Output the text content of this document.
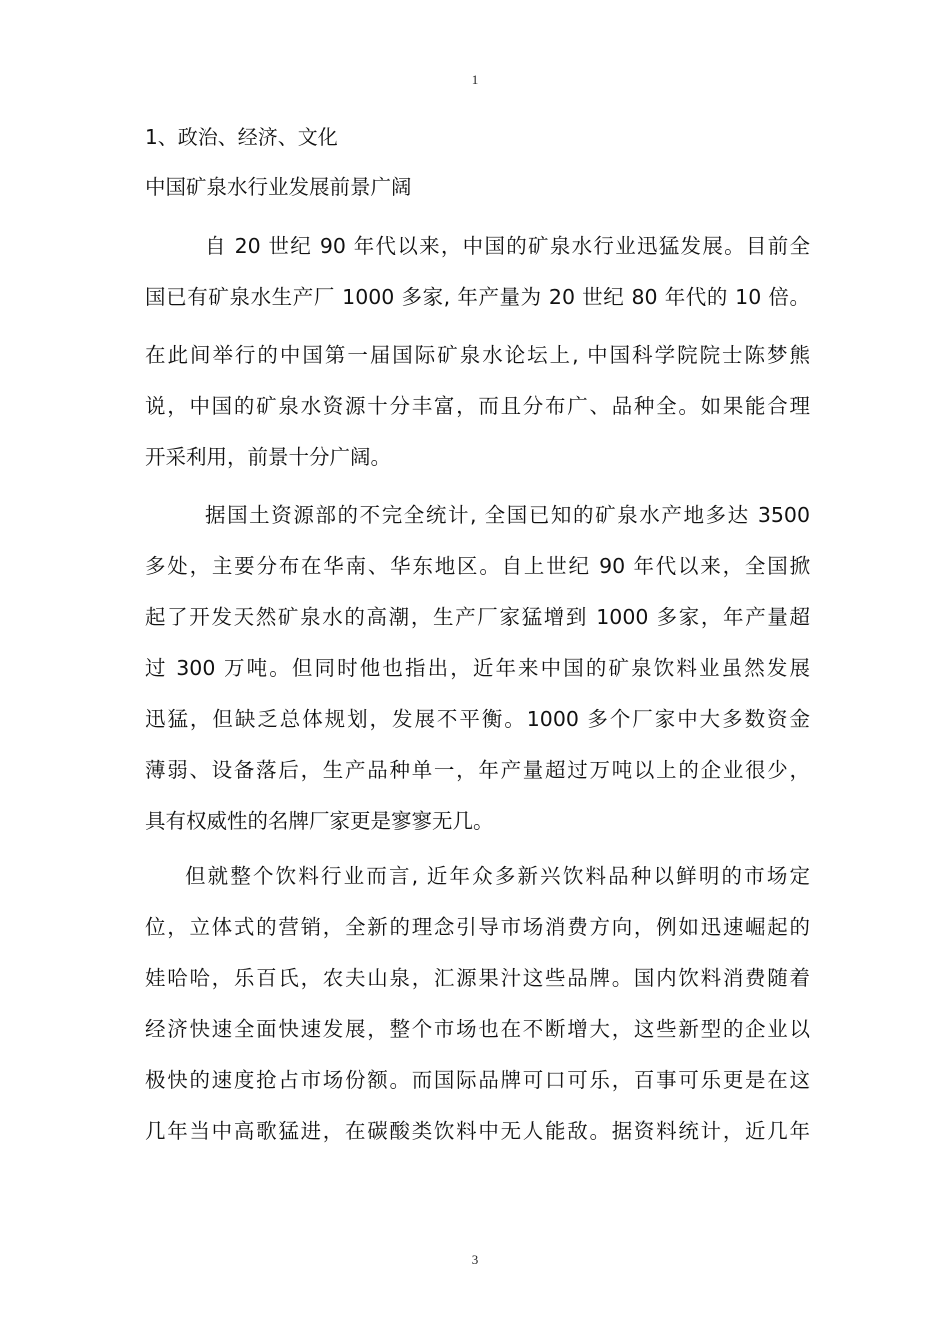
1
1、政治、经济、文化
中国矿泉水行业发展前景广阔
自 20 世纪 90 年代以来，中国的矿泉水行业迅猛发展。目前全
国已有矿泉水生产厂 1000 多家, 年产量为 20 世纪 80 年代的 10 倍。
在此间举行的中国第一届国际矿泉水论坛上, 中国科学院院士陈梦熊
说，中国的矿泉水资源十分丰富，而且分布广、品种全。如果能合理
开采利用，前景十分广阔。
据国土资源部的不完全统计, 全国已知的矿泉水产地多达 3500
多处，主要分布在华南、华东地区。自上世纪 90 年代以来，全国掀
起了开发天然矿泉水的高潮，生产厂家猛增到 1000 多家，年产量超
过 300 万吨。但同时他也指出，近年来中国的矿泉饮料业虽然发展
迅猛，但缺乏总体规划，发展不平衡。1000 多个厂家中大多数资金
薄弱、设备落后，生产品种单一，年产量超过万吨以上的企业很少，
具有权威性的名牌厂家更是寥寥无几。
但就整个饮料行业而言, 近年众多新兴饮料品种以鲜明的市场定
位，立体式的营销，全新的理念引导市场消费方向，例如迅速崛起的
娃哈哈，乐百氏，农夫山泉，汇源果汁这些品牌。国内饮料消费随着
经济快速全面快速发展，整个市场也在不断增大，这些新型的企业以
极快的速度抢占市场份额。而国际品牌可口可乐，百事可乐更是在这
几年当中高歌猛进，在碳酸类饮料中无人能敌。据资料统计，近几年
3
